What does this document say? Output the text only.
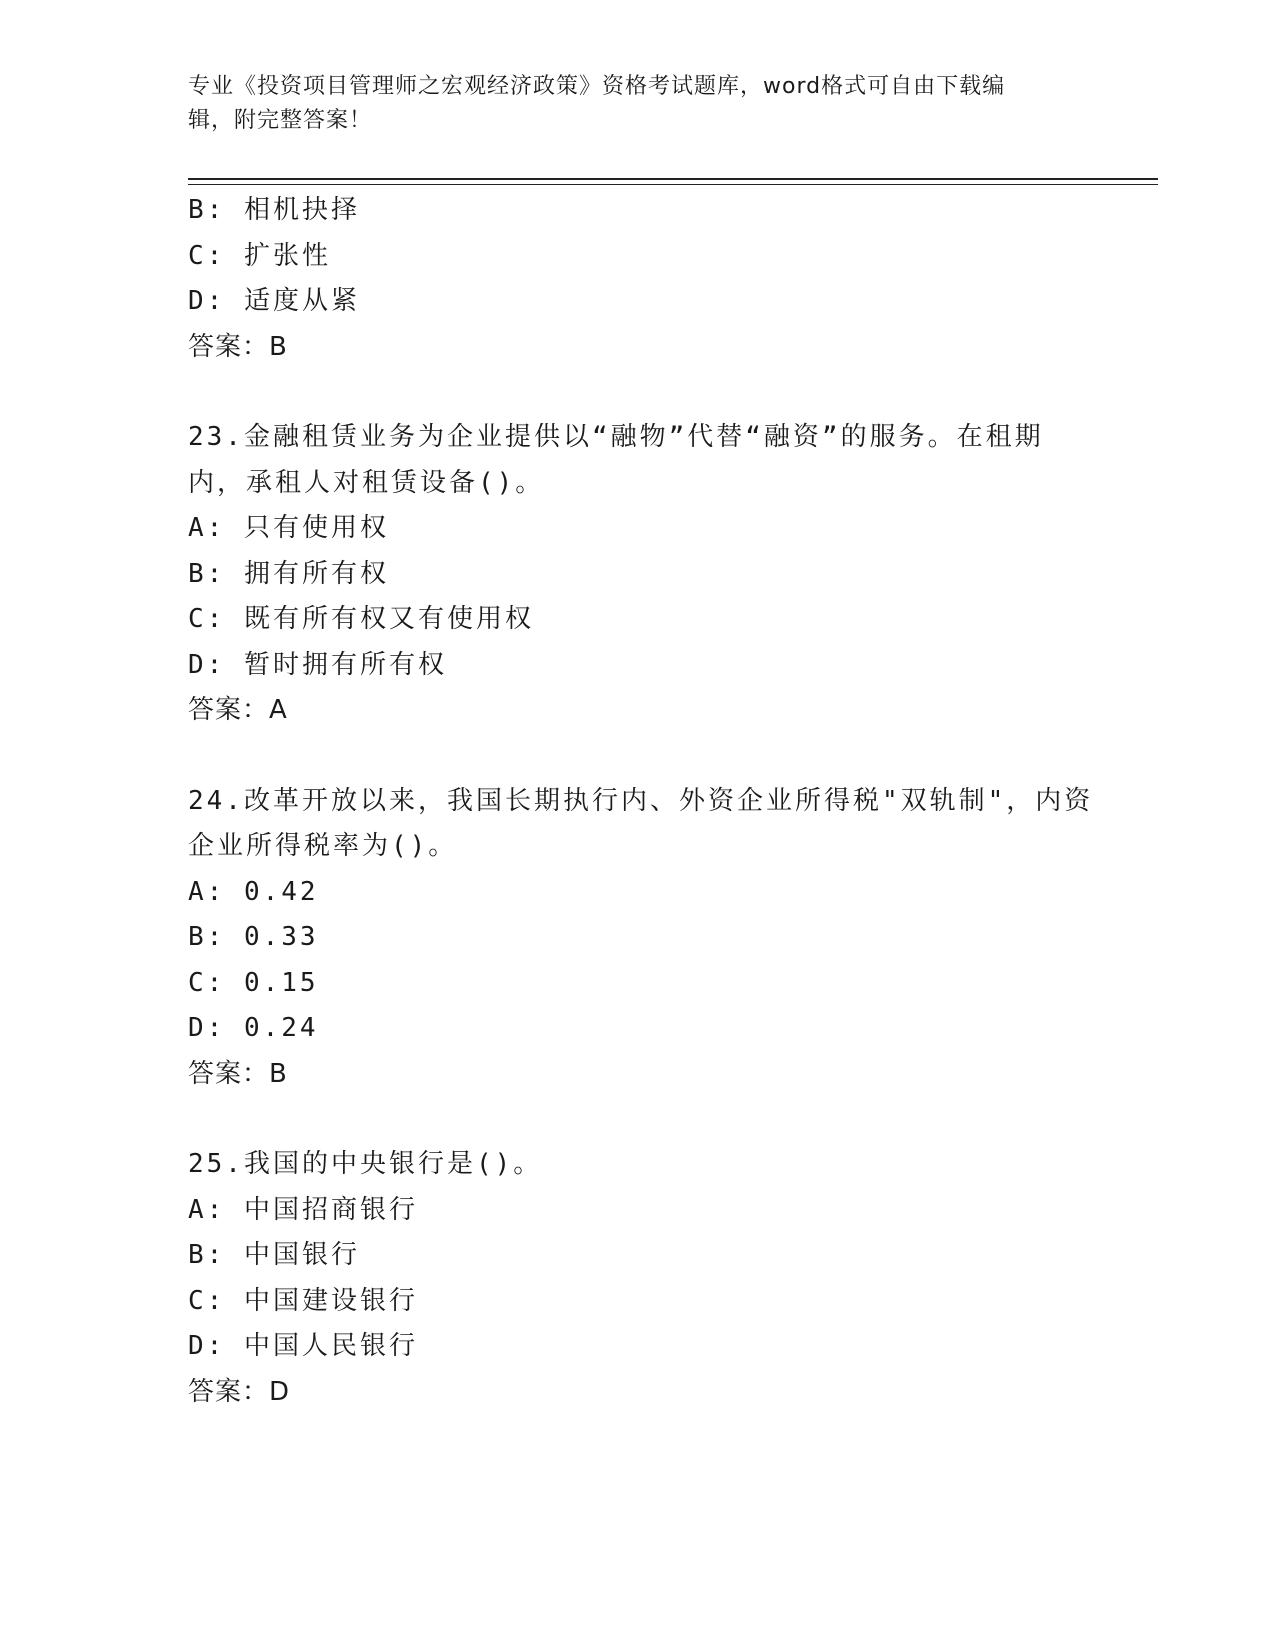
专业《投资项目管理师之宏观经济政策》资格考试题库，word格式可自由下载编
辑，附完整答案！
B: 相机抉择
C: 扩张性
D: 适度从紧
答案：B
23.金融租赁业务为企业提供以“融物”代替“融资”的服务。在租期
内，承租人对租赁设备()。
A: 只有使用权
B: 拥有所有权
C: 既有所有权又有使用权
D: 暂时拥有所有权
答案：A
24.改革开放以来，我国长期执行内、外资企业所得税"双轨制"，内资
企业所得税率为()。
A: 0.42
B: 0.33
C: 0.15
D: 0.24
答案：B
25.我国的中央银行是()。
A: 中国招商银行
B: 中国银行
C: 中国建设银行
D: 中国人民银行
答案：D
